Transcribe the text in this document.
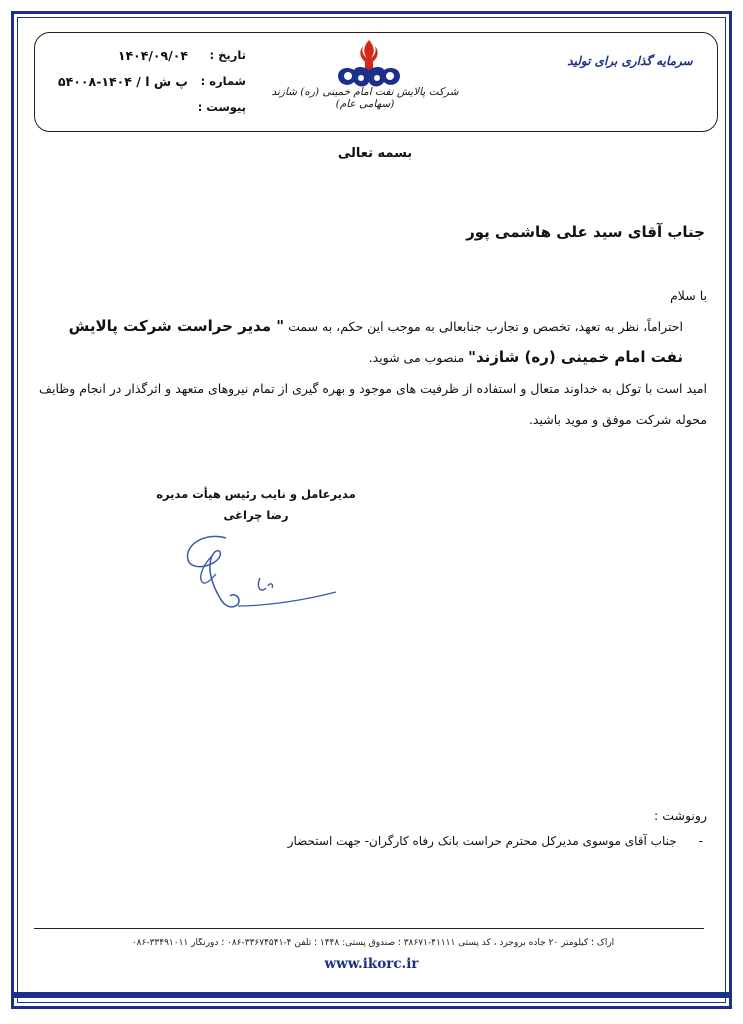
تاریخ :
۱۴۰۴/۰۹/۰۴
شماره :
پ ش ا / ۱۴۰۴-۵۴۰۰۸
پیوست :
شرکت پالایش نفت امام خمینی (ره) شازند (سهامی عام)
سرمایه گذاری برای تولید
بسمه تعالی
جناب آقای سید علی هاشمی پور

با سلام

احتراماً، نظر به تعهد، تخصص و تجارب جنابعالی به موجب این حکم، به سمت " مدیر حراست شرکت پالایش نفت امام خمینی (ره) شازند" منصوب می شوید.

امید است با توکل به خداوند متعال و استفاده از ظرفیت های موجود و بهره گیری از تمام نیروهای متعهد و اثرگذار در انجام وظایف محوله شرکت موفق و موید باشید.

مدیرعامل و نایب رئیس هیأت مدیره
رضا چراغی
رونوشت :
- جناب آقای موسوی مدیرکل محترم حراست بانک رفاه کارگران- جهت استحضار
اراک ؛ کیلومتر ۲۰ جاده بروجرد ، کد پستی ۴۱۱۱۱-۳۸۶۷۱ ؛ صندوق پستی: ۱۴۴۸ ؛ تلفن ۴-۳۳۶۷۴۵۴۱-۰۸۶ ؛ دورنگار ۳۳۴۹۱۰۱۱-۰۸۶
www.ikorc.ir
